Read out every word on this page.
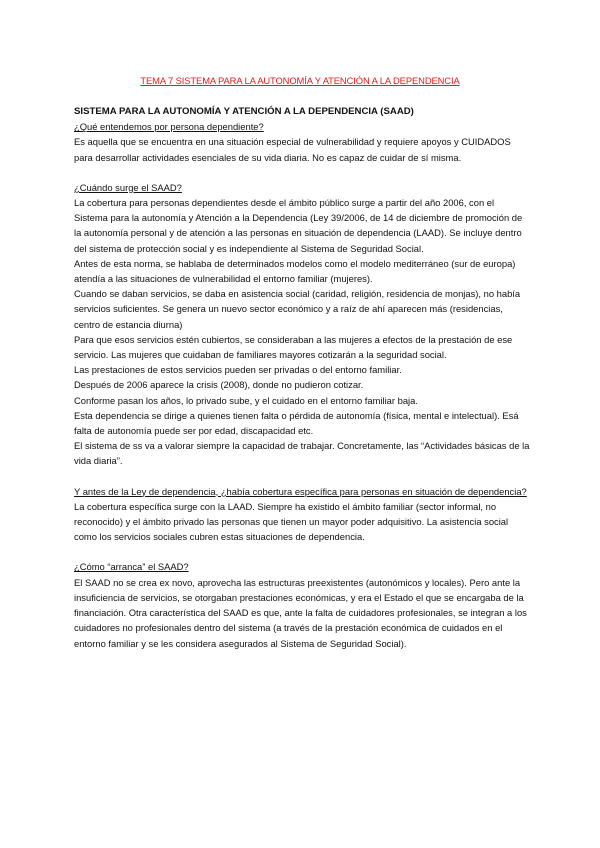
TEMA 7 SISTEMA PARA LA AUTONOMÍA Y ATENCIÓN A LA DEPENDENCIA

SISTEMA PARA LA AUTONOMÍA Y ATENCIÓN A LA DEPENDENCIA (SAAD)

¿Qué entendemos por persona dependiente?

Es aquella que se encuentra en una situación especial de vulnerabilidad y requiere apoyos y CUIDADOS para desarrollar actividades esenciales de su vida diaria. No es capaz de cuidar de sí misma.

¿Cuándo surge el SAAD?

La cobertura para personas dependientes desde el ámbito público surge a partir del año 2006, con el Sistema para la autonomía y Atención a la Dependencia (Ley 39/2006, de 14 de diciembre de promoción de la autonomía personal y de atención a las personas en situación de dependencia (LAAD). Se incluye dentro del sistema de protección social y es independiente al Sistema de Seguridad Social.

Antes de esta norma, se hablaba de determinados modelos como el modelo mediterráneo (sur de europa) atendía a las situaciones de vulnerabilidad el entorno familiar (mujeres).

Cuando se daban servicios, se daba en asistencia social (caridad, religión, residencia de monjas), no había servicios suficientes. Se genera un nuevo sector económico y a raíz de ahí aparecen más (residencias, centro de estancia diurna)

Para que esos servicios estén cubiertos, se consideraban a las mujeres a efectos de la prestación de ese servicio. Las mujeres que cuidaban de familiares mayores cotizarán a la seguridad social.

Las prestaciones de estos servicios pueden ser privadas o del entorno familiar.

Después de 2006 aparece la crisis (2008), donde no pudieron cotizar.

Conforme pasan los años, lo privado sube, y el cuidado en el entorno familiar baja.

Esta dependencia se dirige a quienes tienen falta o pérdida de autonomía (física, mental e intelectual). Esá falta de autonomía puede ser por edad, discapacidad etc.

El sistema de ss va a valorar siempre la capacidad de trabajar. Concretamente, las “Actividades básicas de la vida diaria”.

Y antes de la Ley de dependencia, ¿había cobertura específica para personas en situación de dependencia?

La cobertura específica surge con la LAAD. Siempre ha existido el ámbito familiar (sector informal, no reconocido) y el ámbito privado las personas que tienen un mayor poder adquisitivo. La asistencia social como los servicios sociales cubren estas situaciones de dependencia.

¿Cómo “arranca” el SAAD?

El SAAD no se crea ex novo, aprovecha las estructuras preexistentes (autonómicos y locales). Pero ante la insuficiencia de servicios, se otorgaban prestaciones económicas, y era el Estado el que se encargaba de la financiación. Otra característica del SAAD es que, ante la falta de cuidadores profesionales, se integran a los cuidadores no profesionales dentro del sistema (a través de la prestación económica de cuidados en el entorno familiar y se les considera asegurados al Sistema de Seguridad Social).
